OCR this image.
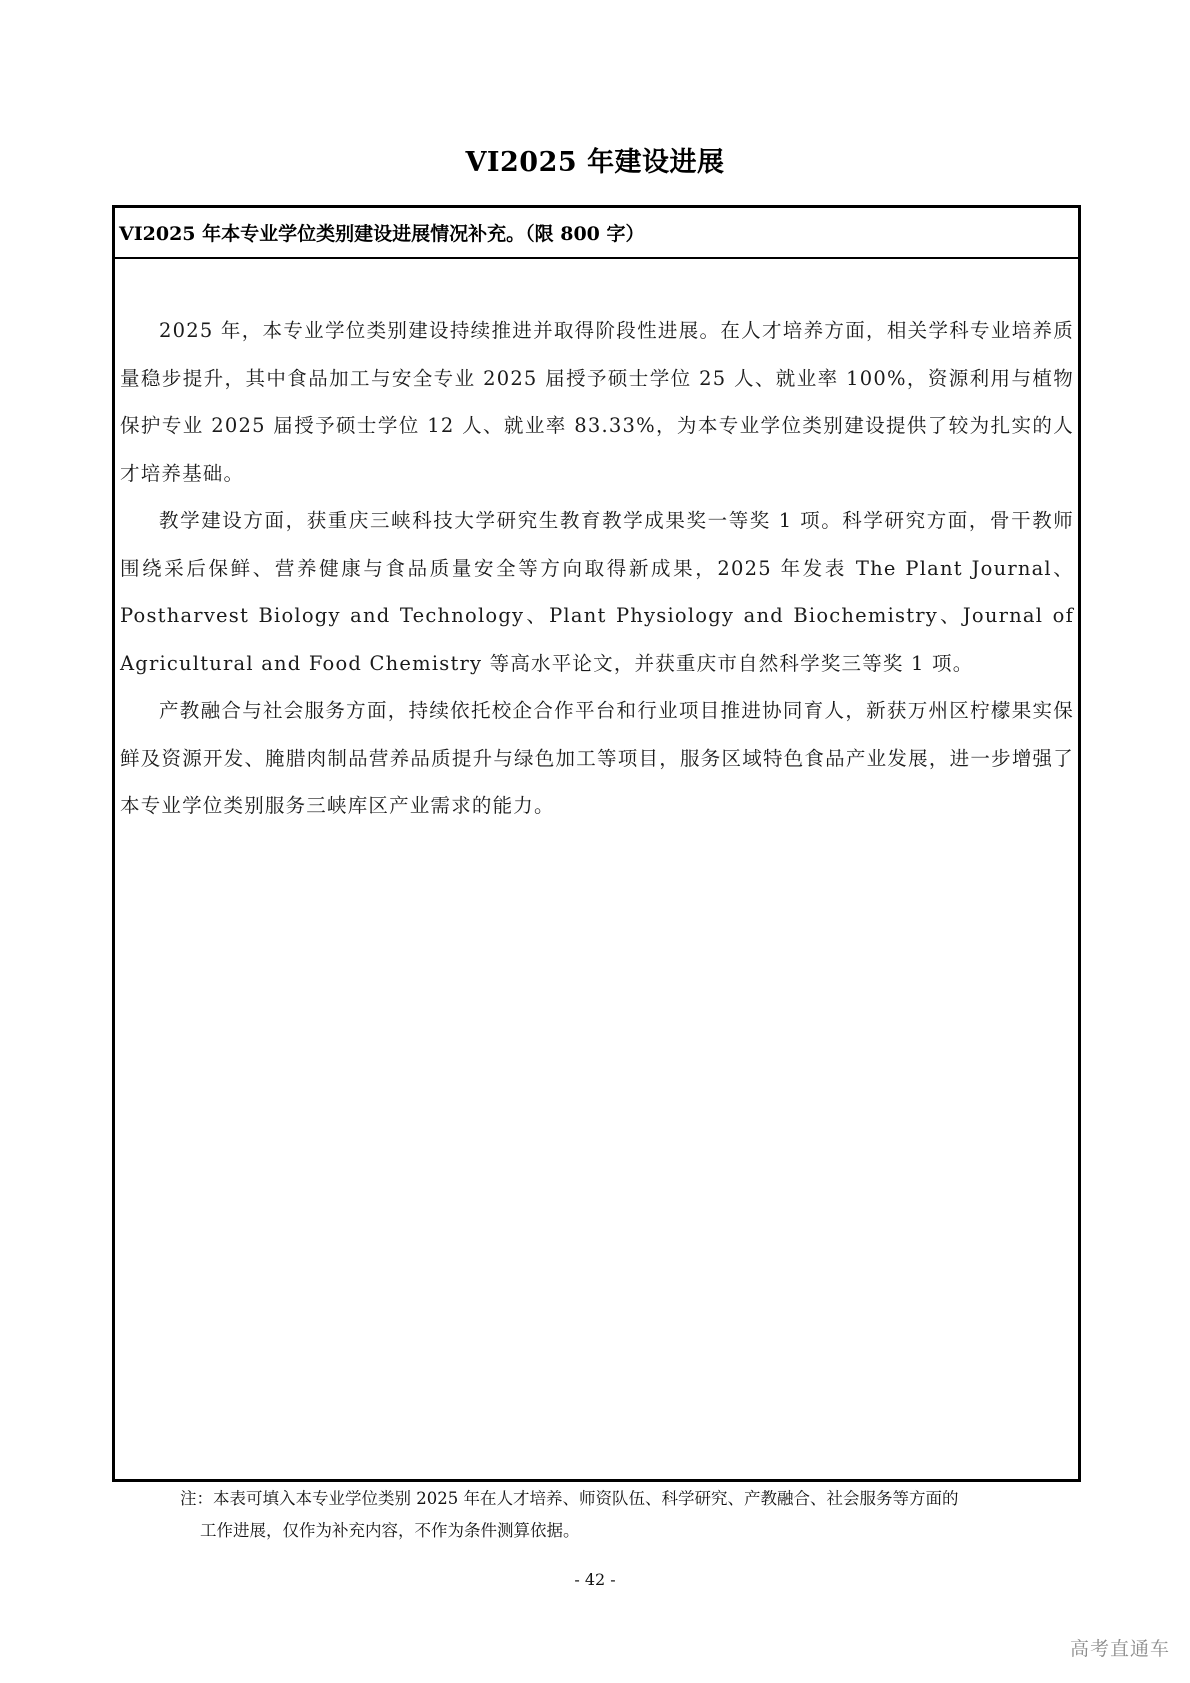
VI2025 年建设进展
VI2025 年本专业学位类别建设进展情况补充。（限 800 字）

2025 年，本专业学位类别建设持续推进并取得阶段性进展。在人才培养方面，相关学科专业培养质量稳步提升，其中食品加工与安全专业 2025 届授予硕士学位 25 人、就业率 100%，资源利用与植物保护专业 2025 届授予硕士学位 12 人、就业率 83.33%，为本专业学位类别建设提供了较为扎实的人才培养基础。

教学建设方面，获重庆三峡科技大学研究生教育教学成果奖一等奖 1 项。科学研究方面，骨干教师围绕采后保鲜、营养健康与食品质量安全等方向取得新成果，2025 年发表 The Plant Journal、Postharvest Biology and Technology、Plant Physiology and Biochemistry、Journal of Agricultural and Food Chemistry 等高水平论文，并获重庆市自然科学奖三等奖 1 项。

产教融合与社会服务方面，持续依托校企合作平台和行业项目推进协同育人，新获万州区柠檬果实保鲜及资源开发、腌腊肉制品营养品质提升与绿色加工等项目，服务区域特色食品产业发展，进一步增强了本专业学位类别服务三峡库区产业需求的能力。

注：本表可填入本专业学位类别 2025 年在人才培养、师资队伍、科学研究、产教融合、社会服务等方面的
工作进展，仅作为补充内容，不作为条件测算依据。
- 42 -
高考直通车
